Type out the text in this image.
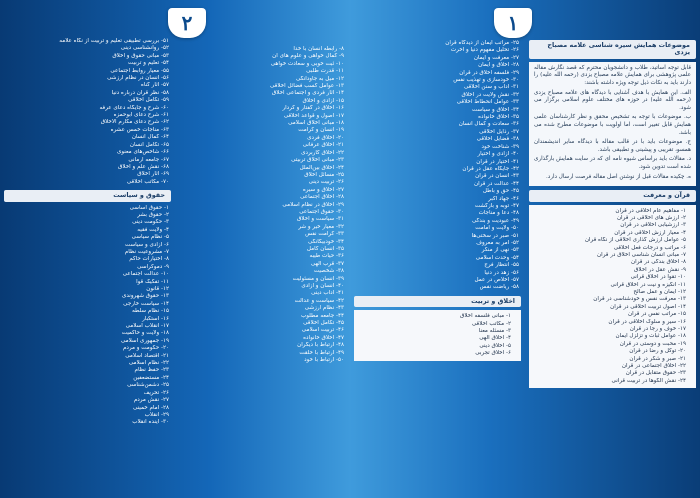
۲	۱
۵۱- بررسی تطبیقی تعلیم و تربیت از نگاه علامه
۵۲- روانشناسی دینی
۵۳- مبانی حقوق و اخلاق
۵۴- تعلیم و تربیت
۵۵- معیار روابط اجتماعی
۵۶- انسان در نظام ارزشی
۵۷- آثار گناه
۵۸- نظر قرآن درباره دنیا
۵۹- تکامل اخلاقی
۶۰- شرح و جایگاه دعای عرفه
۶۱- شرح دعای ابوحمزه
۶۲- شرح دعای مکارم الاخلاق
۶۳- مناجات خمس عشره
۶۴- کمال انسان
۶۵- تکامل انسان
۶۶- شاخص‌های معنوی
۶۷- جامعه آرمانی
۶۸- نقش علم و اخلاق
۶۹- آثار اخلاق
۷۰- مکاتب اخلاقی
حقوق و سیاست
۱- حقوق اساسی
۲- حقوق بشر
۳- حکومت دینی
۴- ولایت فقیه
۵- نظام سیاسی
۶- آزادی و سیاست
۷- مشروعیت نظام
۸- اختیارات حاکم
۹- دموکراسی
۱۰- عدالت اجتماعی
۱۱- تفکیک قوا
۱۲- قانون
۱۳- حقوق شهروندی
۱۴- سیاست خارجی
۱۵- نظام سلطه
۱۶- استکبار
۱۷- انقلاب اسلامی
۱۸- ولایت و حاکمیت
۱۹- جمهوری اسلامی
۲۰- حکومت و مردم
۲۱- اقتصاد اسلامی
۲۲- نظام اسلامی
۲۳- حفظ نظام
۲۴- مستضعفین
۲۵- دشمن‌شناسی
۲۶- تحریف
۲۷- نقش مردم
۲۸- امام خمینی
۲۹- انقلاب
۳۰- آینده انقلاب
۸- رابطه انسان با خدا
۹- کمال خواهی و علوم های آن
۱۰- ثبت خوبی و سعادت خواهی
۱۱- قدرت طلبی
۱۲- میل به جاودانگی
۱۳- عوامل کسب فضائل اخلاقی
۱۴- آثار فردی و اجتماعی اخلاق
۱۵- آزادی و اخلاق
۱۶- اخلاق در گفتار و کردار
۱۷- اصول و قواعد اخلاقی
۱۸- مبانی اخلاق اسلامی
۱۹- انسان و کرامت
۲۰- اخلاق فردی
۲۱- اخلاق عرفانی
۲۲- اخلاق کاربردی
۲۳- مبانی اخلاق تربیتی
۲۴- اخلاق بین‌الملل
۲۵- مسائل اخلاق
۲۶- تربیت دینی
۲۷- اخلاق و سیره
۲۸- اخلاق اجتماعی
۲۹- اخلاق در نظام اسلامی
۳۰- حقوق اجتماعی
۳۱- سیاست و اخلاق
۳۲- معیار خیر و شر
۳۳- کرامت نفس
۳۴- خودبیگانگی
۳۵- انسان کامل
۳۶- حیات طیبه
۳۷- قرب الهی
۳۸- شخصیت
۳۹- انسان و مسئولیت
۴۰- انسان و آزادی
۴۱- آداب دینی
۴۲- سیاست و عدالت
۴۳- نظام ارزشی
۴۴- جامعه مطلوب
۴۵- تکامل اخلاقی
۴۶- تربیت اسلامی
۴۷- اخلاق خانواده
۴۸- ارتباط با دیگران
۴۹- ارتباط با خلقت
۵۰- ارتباط با خود
۲۵- مراتب ایمان از دیدگاه قرآن
۲۶- تحلیل مفهوم دنیا و آخرت
۲۷- معرفت و ایمان
۲۸- اخلاق و ایمان
۲۹- فلسفه اخلاق در قرآن
۳۰- خودسازی و تهذیب نفس
۳۱- آداب و سنن اخلاقی
۳۲- نقش ولایت در اخلاق
۳۳- عوامل انحطاط اخلاقی
۳۴- اخلاق و سیاست
۳۵- اخلاق خانواده
۳۶- سعادت و کمال انسان
۳۷- رذایل اخلاقی
۳۸- فضایل اخلاقی
۳۹- شناخت خود
۴۰- آزادی و اختیار
۴۱- اختیار در قرآن
۴۲- جایگاه عقل در قرآن
۴۳- انسان در قرآن
۴۴- عدالت در قرآن
۴۵- حق و باطل
۴۶- جهاد اکبر
۴۷- توبه و بازگشت
۴۸- دعا و مناجات
۴۹- عبودیت و بندگی
۵۰- ولایت و امامت
۵۱- صبر در سختی‌ها
۵۲- امر به معروف
۵۳- نهی از منکر
۵۴- وحدت اسلامی
۵۵- انتظار فرج
۵۶- زهد در دنیا
۵۷- اخلاص در عمل
۵۸- ریاضت نفس
اخلاق و تربیت
۱- مبانی فلسفه اخلاق
۲- مکاتب اخلاقی
۳- مسئله معنا
۴- اخلاق الهی
۵- اخلاق دینی
۶- اخلاق تجربی
موضوعات همایش سیره شناسی علامه مصباح یزدی

قابل توجه اساتید، طلاب و دانشجویان محترم که قصد نگارش مقاله علمی پژوهشی برای همایش علامه مصباح یزدی (رحمه الله علیه) را دارند باید به نکات ذیل توجه ویژه داشته باشند:

الف. این همایش با هدف آشنایی با دیدگاه های علامه مصباح یزدی (رحمه الله علیه) در حوزه های مختلف علوم اسلامی برگزار می شود.

ب. موضوعات با توجه به تشخیص محقق و نظر کارشناسان علمی همایش قابل تغییر است، اما اولویت با موضوعات مطرح شده می باشد.

ج. موضوعات باید با در قالب مقاله با دیدگاه سایر اندیشمندان همسو، تقریبی و پیشینی و تطبیقی باشد.

د. مقالات باید براساس شیوه نامه ای که در سایت همایش بارگذاری شده است تدوین شود.

ه. چکیده مقالات قبل از نوشتن اصل مقاله فرصت ارسال دارد.

قرآن و معرفت
۱- مفاهیم عام اخلاقی در قرآن
۲- ارزش های اخلاقی در قرآن
۳- ارزشیابی اخلاقی در قرآن
۴- معیار ارزش اخلاقی در قرآن
۵- عوامل ارزش گذاری اخلاقی از نگاه قرآن
۶- مراتب و درجات فعل اخلاقی
۷- مبانی انسان شناسی اخلاق در قرآن
۸- اخلاق بندگی در قرآن
۹- نقش عقل در اخلاق
۱۰- تقوا در اخلاق قرآنی
۱۱- انگیزه و نیت در اخلاق قرآنی
۱۲- ایمان و عمل صالح
۱۳- معرفت نفس و خودشناسی در قرآن
۱۴- اصول تربیت اخلاقی در قرآن
۱۵- مراتب نفس در قرآن
۱۶- سیر و سلوک اخلاقی در قرآن
۱۷- خوف و رجا در قرآن
۱۸- عوامل ثبات و تزلزل ایمان
۱۹- محبت و دوستی در قرآن
۲۰- توکل و رضا در قرآن
۲۱- صبر و شکر در قرآن
۲۲- اخلاق اجتماعی در قرآن
۲۳- حقوق متقابل در قرآن
۲۴- نقش الگوها در تربیت قرآنی
